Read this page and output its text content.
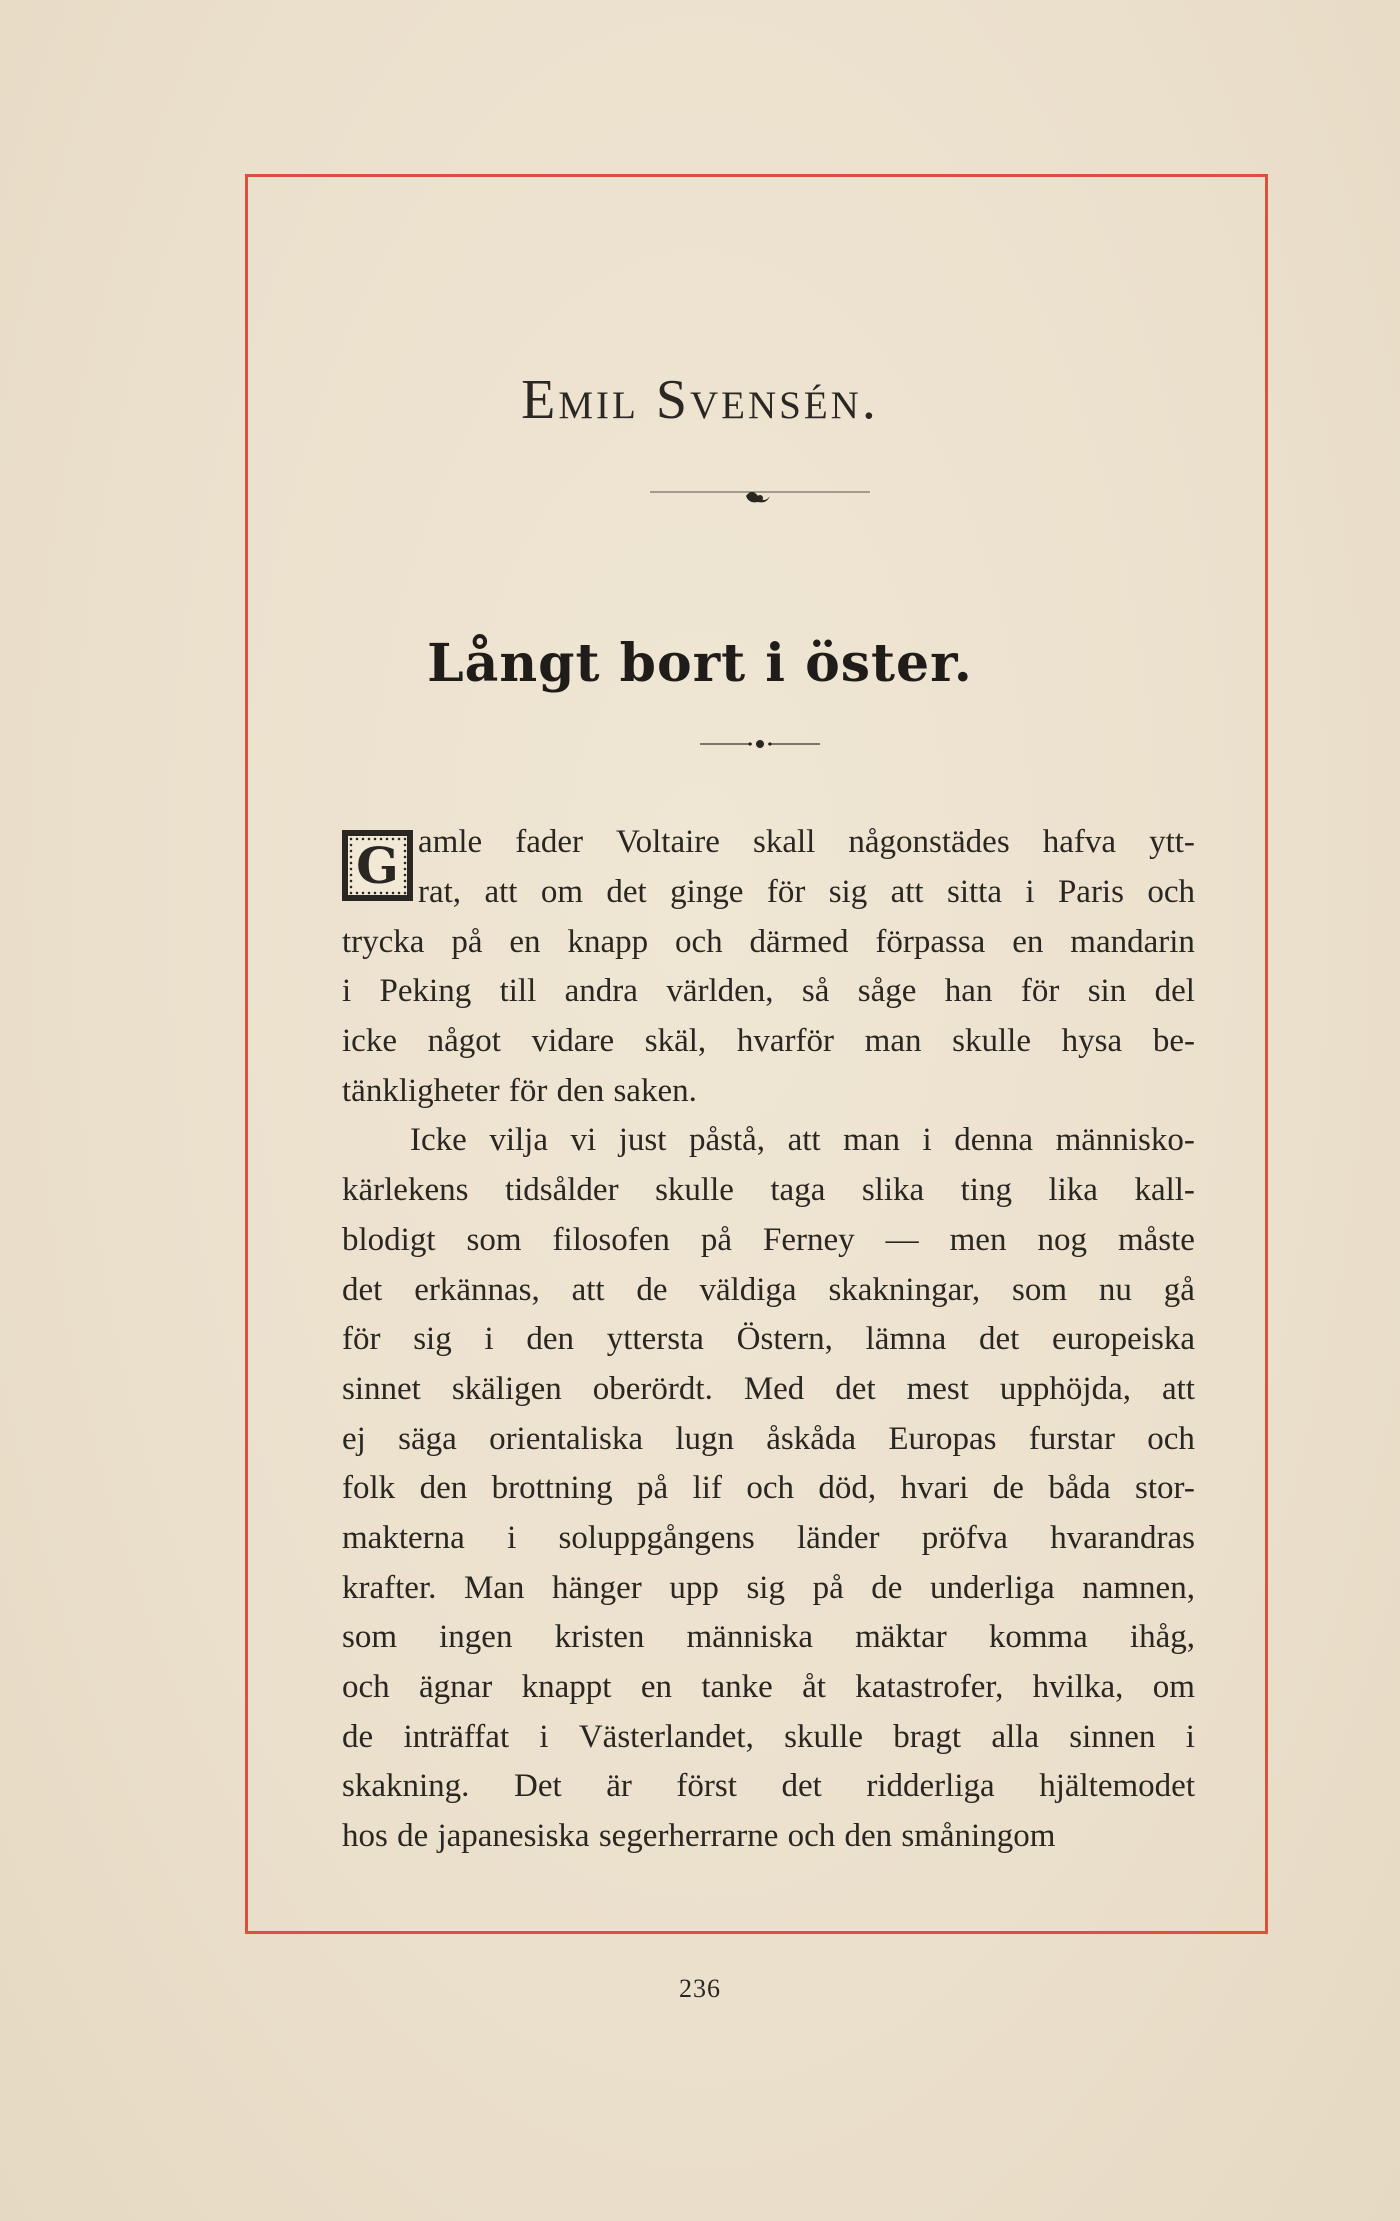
Emil Svensén.
Långt bort i öster.
G amle fader Voltaire skall någonstädes hafva ytt-
rat, att om det ginge för sig att sitta i Paris och
trycka på en knapp och därmed förpassa en mandarin
i Peking till andra världen, så såge han för sin del
icke något vidare skäl, hvarför man skulle hysa be-
tänkligheter för den saken.
Icke vilja vi just påstå, att man i denna människo-
kärlekens tidsålder skulle taga slika ting lika kall-
blodigt som filosofen på Ferney — men nog måste
det erkännas, att de väldiga skakningar, som nu gå
för sig i den yttersta Östern, lämna det europeiska
sinnet skäligen oberördt. Med det mest upphöjda, att
ej säga orientaliska lugn åskåda Europas furstar och
folk den brottning på lif och död, hvari de båda stor-
makterna i soluppgångens länder pröfva hvarandras
krafter. Man hänger upp sig på de underliga namnen,
som ingen kristen människa mäktar komma ihåg,
och ägnar knappt en tanke åt katastrofer, hvilka, om
de inträffat i Västerlandet, skulle bragt alla sinnen i
skakning. Det är först det ridderliga hjältemodet
hos de japanesiska segerherrarne och den småningom
236
